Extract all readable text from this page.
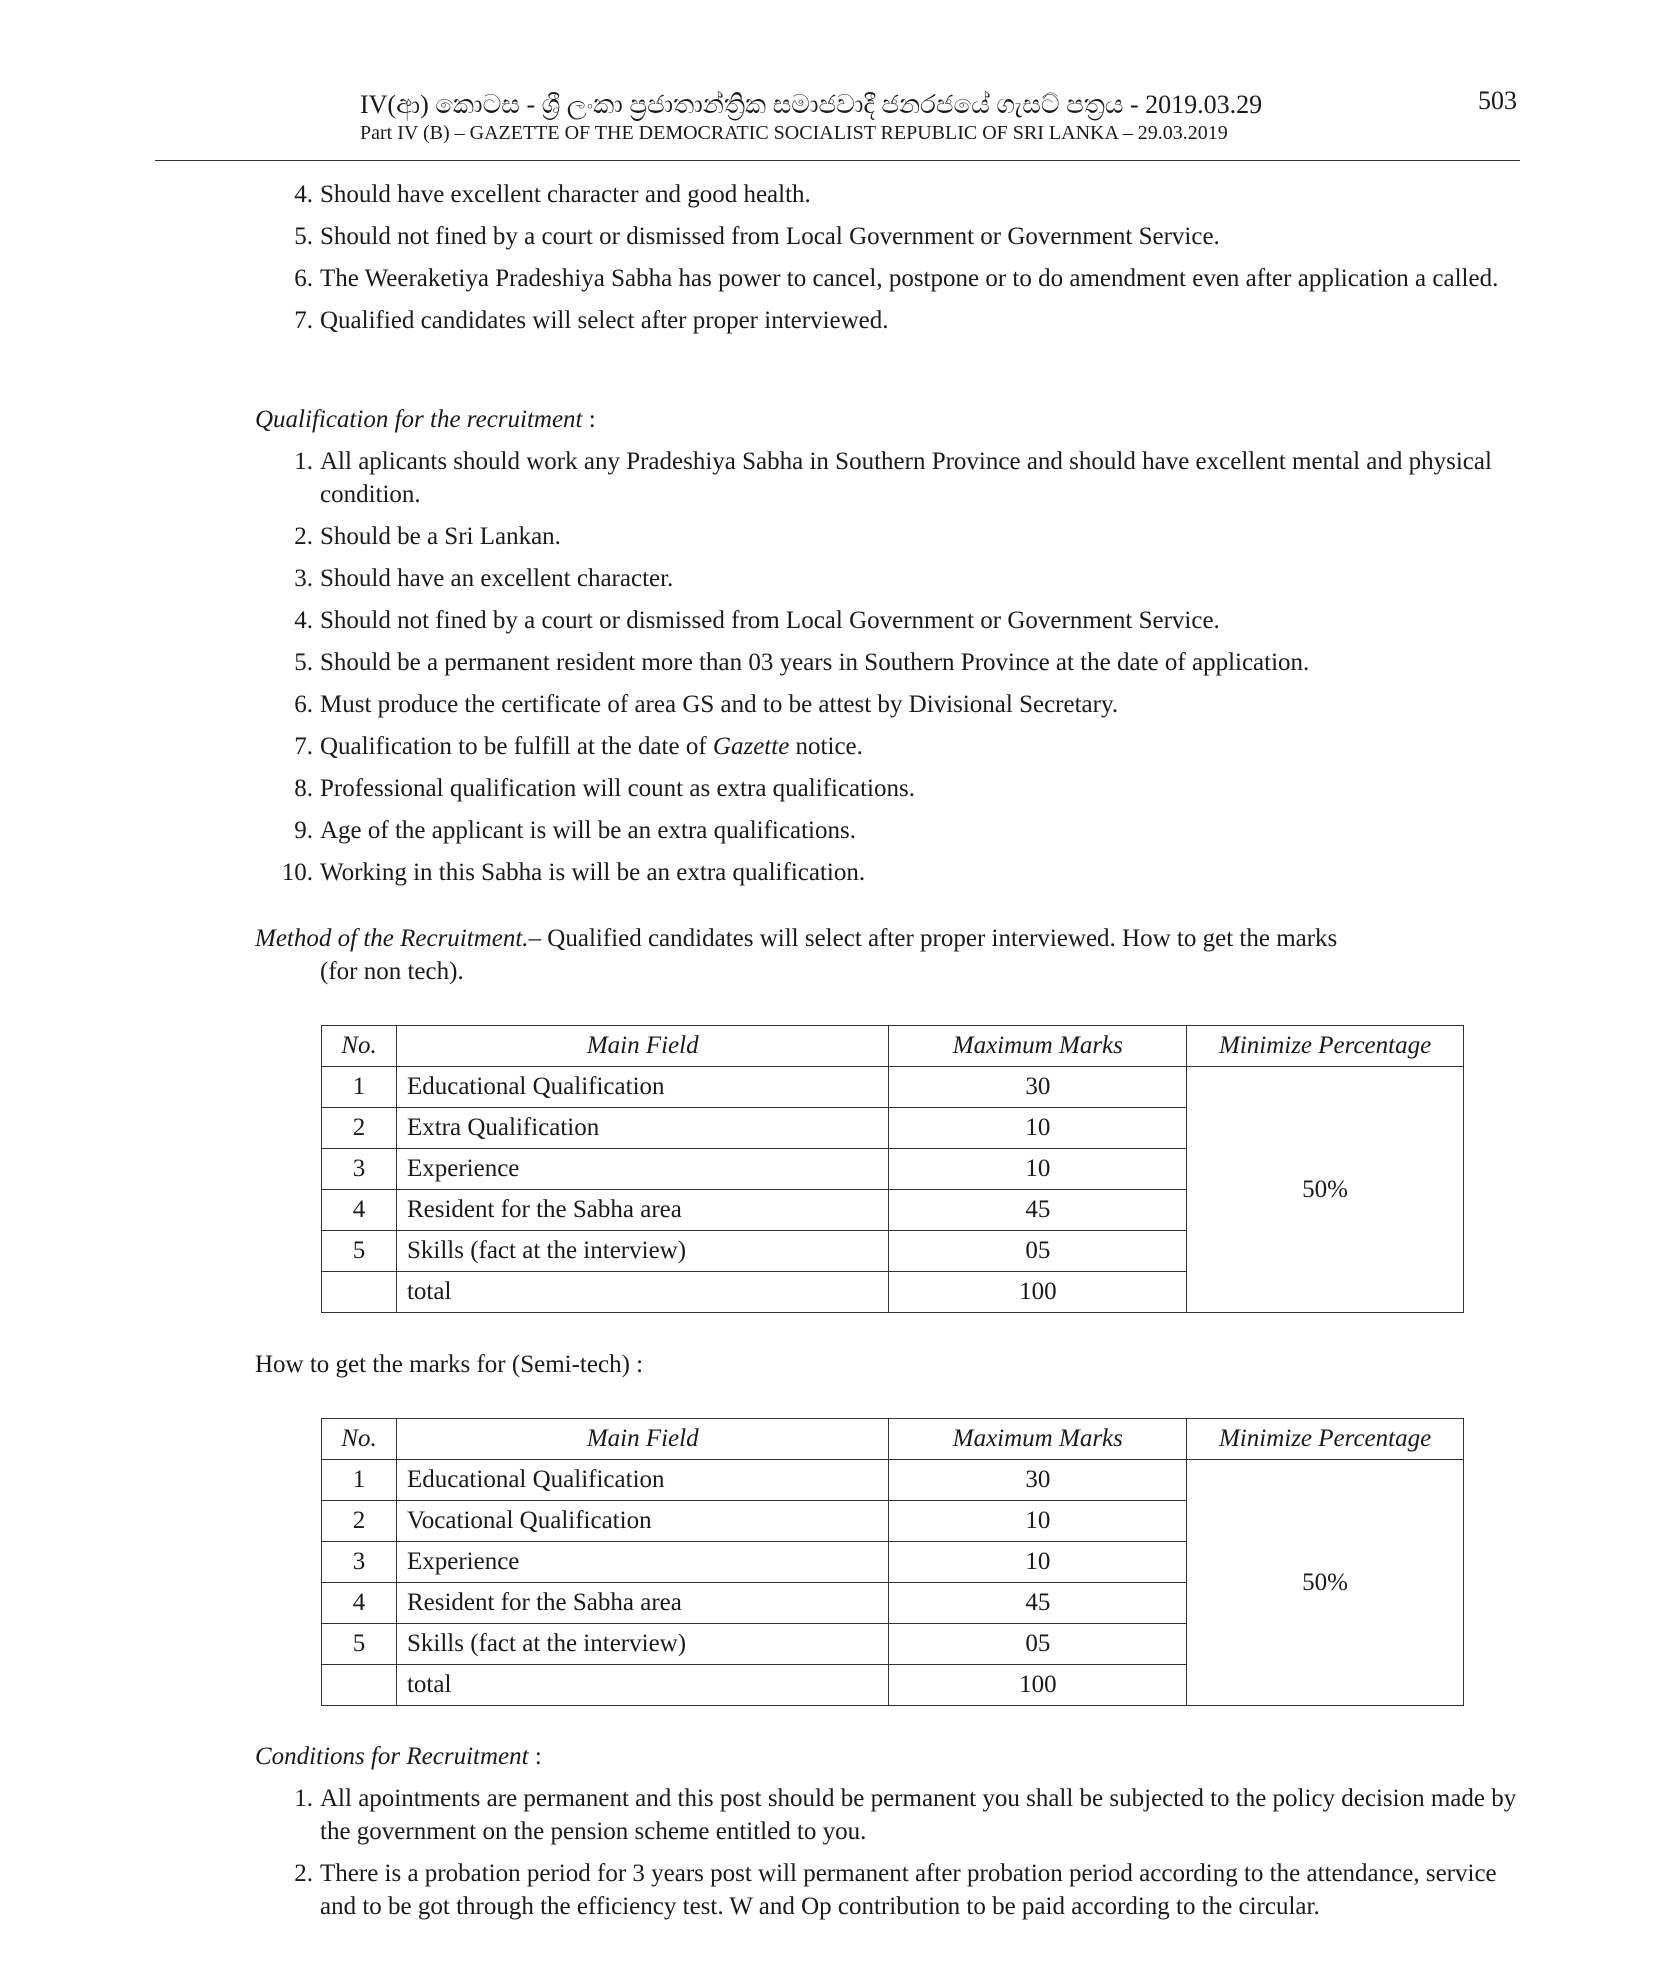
IV(ආ) කොටස - ශ්‍රී ලංකා ප්‍රජාතාන්ත්‍රික සමාජවාදී ජනරජයේ ගැසට් පත්‍රය - 2019.03.29
Part IV (B) – GAZETTE OF THE DEMOCRATIC SOCIALIST REPUBLIC OF SRI LANKA – 29.03.2019
503
4. Should have excellent character and good health.
5. Should not fined by a court or dismissed from Local Government or Government Service.
6. The Weeraketiya Pradeshiya Sabha has power to cancel, postpone or to do amendment even after application a called.
7. Qualified candidates will select after proper interviewed.
Qualification for the recruitment :
1. All aplicants should work any Pradeshiya Sabha in Southern Province and should have excellent mental and physical condition.
2. Should be a Sri Lankan.
3. Should have an excellent character.
4. Should not fined by a court or dismissed from Local Government or Government Service.
5. Should be a permanent resident more than 03 years in Southern Province at the date of application.
6. Must produce the certificate of area GS and to be attest by Divisional Secretary.
7. Qualification to be fulfill at the date of Gazette notice.
8. Professional qualification will count as extra qualifications.
9. Age of the applicant is will be an extra qualifications.
10. Working in this Sabha is will be an extra qualification.
Method of the Recruitment.– Qualified candidates will select after proper interviewed. How to get the marks
(for non tech).
No.	Main Field	Maximum Marks	Minimize Percentage
1	Educational Qualification	30	50%
2	Extra Qualification	10	
3	Experience	10	
4	Resident for the Sabha area	45	
5	Skills (fact at the interview)	05	
	total	100	
How to get the marks for (Semi-tech) :
No.	Main Field	Maximum Marks	Minimize Percentage
1	Educational Qualification	30	50%
2	Vocational Qualification	10	
3	Experience	10	
4	Resident for the Sabha area	45	
5	Skills (fact at the interview)	05	
	total	100	
Conditions for Recruitment :
1. All apointments are permanent and this post should be permanent you shall be subjected to the policy decision made by the government on the pension scheme entitled to you.
2. There is a probation period for 3 years post will permanent after probation period according to the attendance, service and to be got through the efficiency test. W and Op contribution to be paid according to the circular.
